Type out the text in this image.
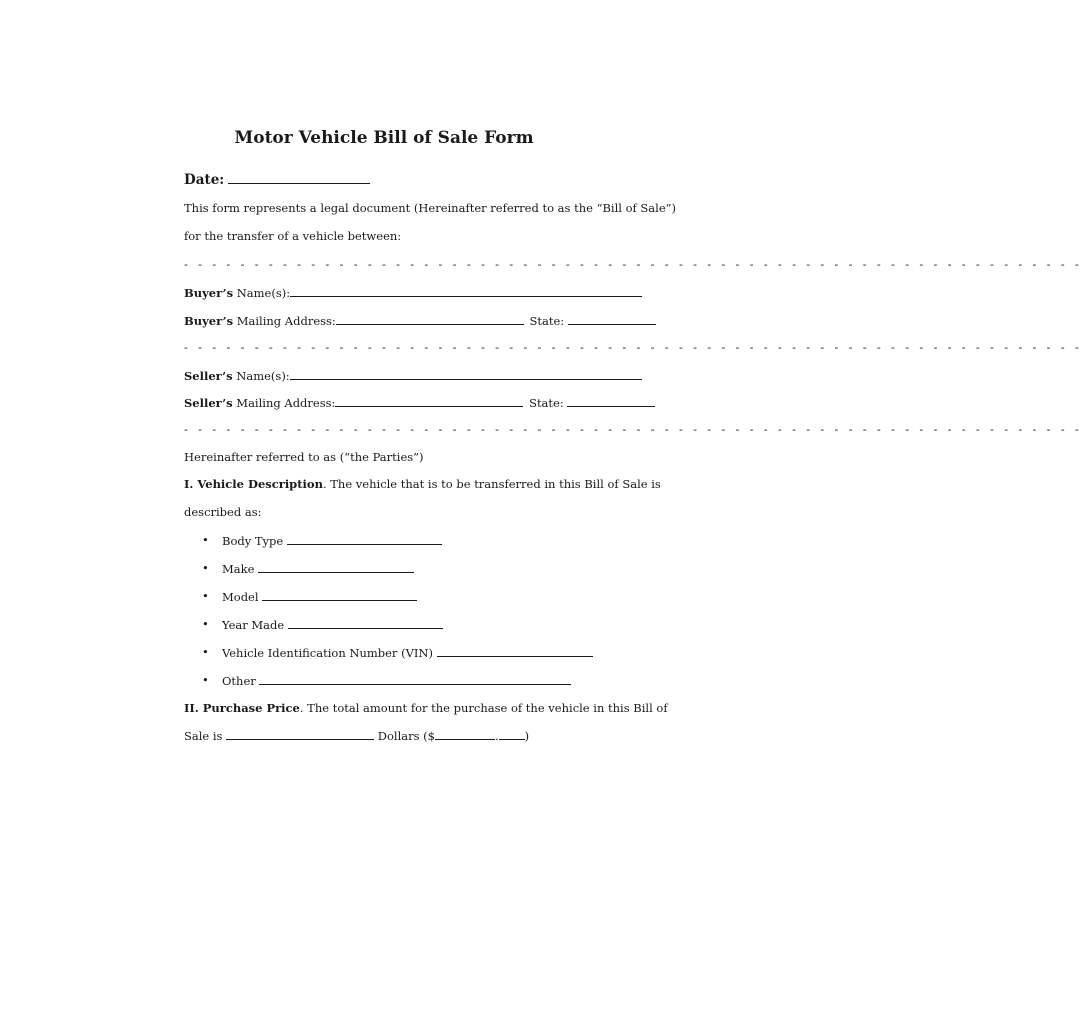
Motor Vehicle Bill of Sale Form
Date:
This form represents a legal document (Hereinafter referred to as the “Bill of Sale”)
for the transfer of a vehicle between:
- - - - - - - - - - - - - - - - - - - - - - - - - - - - - - - - - - - - - - - - - - - - - - - - - - - - - - - - - - - - - - - -
Buyer’s Name(s):
Buyer’s Mailing Address:	State:
- - - - - - - - - - - - - - - - - - - - - - - - - - - - - - - - - - - - - - - - - - - - - - - - - - - - - - - - - - - - - - - -
Seller’s Name(s):
Seller’s Mailing Address:	State:
- - - - - - - - - - - - - - - - - - - - - - - - - - - - - - - - - - - - - - - - - - - - - - - - - - - - - - - - - - - - - - - -
Hereinafter referred to as (“the Parties”)
I. Vehicle Description. The vehicle that is to be transferred in this Bill of Sale is
described as:
• Body Type
• Make
• Model
• Year Made
• Vehicle Identification Number (VIN)
• Other
II. Purchase Price. The total amount for the purchase of the vehicle in this Bill of
Sale is	Dollars ($	. )
